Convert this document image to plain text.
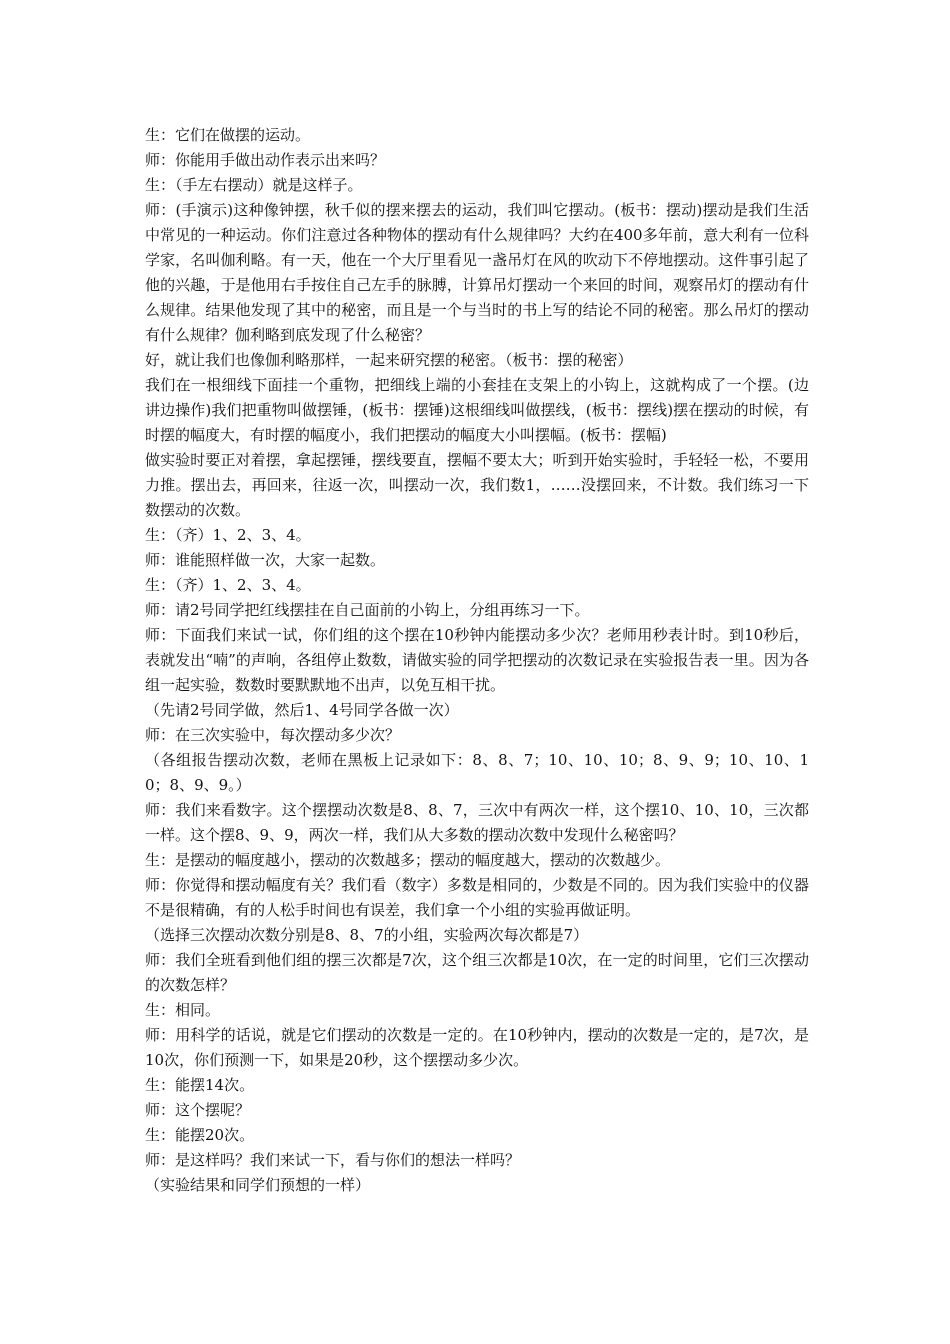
生：它们在做摆的运动。

师：你能用手做出动作表示出来吗？

生：（手左右摆动）就是这样子。

师：(手演示)这种像钟摆，秋千似的摆来摆去的运动，我们叫它摆动。(板书：摆动)摆动是我们生活中常见的一种运动。你们注意过各种物体的摆动有什么规律吗？大约在400多年前，意大利有一位科学家，名叫伽利略。有一天，他在一个大厅里看见一盏吊灯在风的吹动下不停地摆动。这件事引起了他的兴趣，于是他用右手按住自己左手的脉膊，计算吊灯摆动一个来回的时间，观察吊灯的摆动有什么规律。结果他发现了其中的秘密，而且是一个与当时的书上写的结论不同的秘密。那么吊灯的摆动有什么规律？伽利略到底发现了什么秘密？

好，就让我们也像伽利略那样，一起来研究摆的秘密。（板书：摆的秘密）

我们在一根细线下面挂一个重物，把细线上端的小套挂在支架上的小钩上，这就构成了一个摆。(边讲边操作)我们把重物叫做摆锤，(板书：摆锤)这根细线叫做摆线，(板书：摆线)摆在摆动的时候，有时摆的幅度大，有时摆的幅度小，我们把摆动的幅度大小叫摆幅。(板书：摆幅)

做实验时要正对着摆，拿起摆锤，摆线要直，摆幅不要太大；听到开始实验时，手轻轻一松，不要用力推。摆出去，再回来，往返一次，叫摆动一次，我们数1，……没摆回来，不计数。我们练习一下数摆动的次数。

生：（齐）1、2、3、4。

师：谁能照样做一次，大家一起数。

生：（齐）1、2、3、4。

师：请2号同学把红线摆挂在自己面前的小钩上，分组再练习一下。

师：下面我们来试一试，你们组的这个摆在10秒钟内能摆动多少次？老师用秒表计时。到10秒后，表就发出“喃”的声响，各组停止数数，请做实验的同学把摆动的次数记录在实验报告表一里。因为各组一起实验，数数时要默默地不出声，以免互相干扰。

（先请2号同学做，然后1、4号同学各做一次）

师：在三次实验中，每次摆动多少次？

（各组报告摆动次数，老师在黑板上记录如下：8、8、7；10、10、10；8、9、9；10、10、10；8、9、9。）

师：我们来看数字。这个摆摆动次数是8、8、7，三次中有两次一样，这个摆10、10、10，三次都一样。这个摆8、9、9，两次一样，我们从大多数的摆动次数中发现什么秘密吗？

生：是摆动的幅度越小，摆动的次数越多；摆动的幅度越大，摆动的次数越少。

师：你觉得和摆动幅度有关？我们看（数字）多数是相同的，少数是不同的。因为我们实验中的仪器不是很精确，有的人松手时间也有误差，我们拿一个小组的实验再做证明。

（选择三次摆动次数分别是8、8、7的小组，实验两次每次都是7）

师：我们全班看到他们组的摆三次都是7次，这个组三次都是10次，在一定的时间里，它们三次摆动的次数怎样？

生：相同。

师：用科学的话说，就是它们摆动的次数是一定的。在10秒钟内，摆动的次数是一定的，是7次，是10次，你们预测一下，如果是20秒，这个摆摆动多少次。

生：能摆14次。

师：这个摆呢？

生：能摆20次。

师：是这样吗？我们来试一下，看与你们的想法一样吗？

（实验结果和同学们预想的一样）
